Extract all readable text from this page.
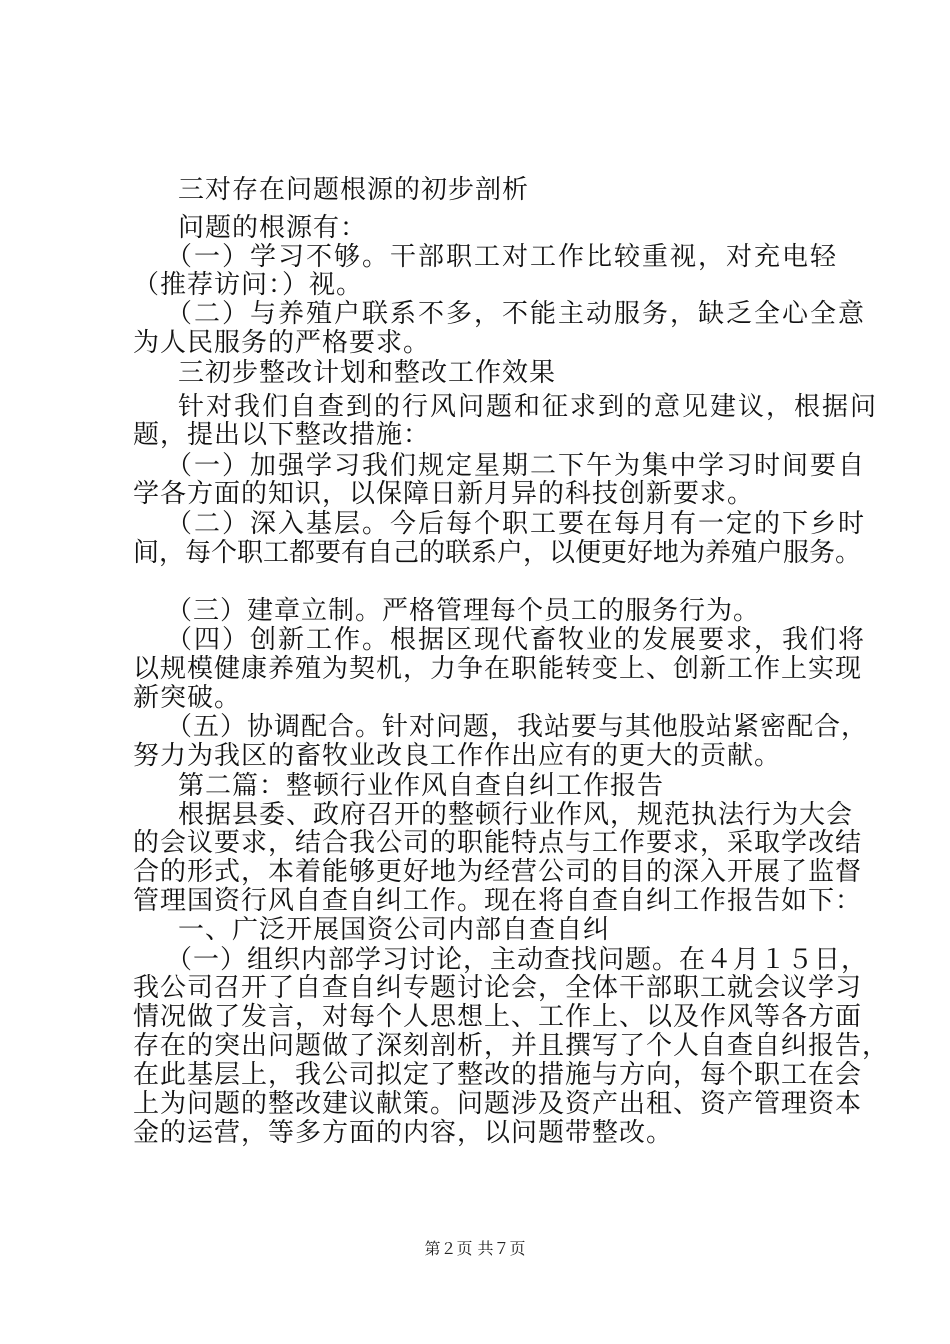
三对存在问题根源的初步剖析
问题的根源有：
（一）学习不够。干部职工对工作比较重视，对充电轻
（推荐访问：）视。
（二）与养殖户联系不多，不能主动服务，缺乏全心全意
为人民服务的严格要求。
三初步整改计划和整改工作效果
针对我们自查到的行风问题和征求到的意见建议，根据问
题，提出以下整改措施：
（一）加强学习我们规定星期二下午为集中学习时间要自
学各方面的知识，以保障日新月异的科技创新要求。
（二）深入基层。今后每个职工要在每月有一定的下乡时
间，每个职工都要有自己的联系户，以便更好地为养殖户服务。
（三）建章立制。严格管理每个员工的服务行为。
（四）创新工作。根据区现代畜牧业的发展要求，我们将
以规模健康养殖为契机，力争在职能转变上、创新工作上实现
新突破。
（五）协调配合。针对问题，我站要与其他股站紧密配合，
努力为我区的畜牧业改良工作作出应有的更大的贡献。
第二篇：整顿行业作风自查自纠工作报告
根据县委、政府召开的整顿行业作风，规范执法行为大会
的会议要求，结合我公司的职能特点与工作要求，采取学改结
合的形式，本着能够更好地为经营公司的目的深入开展了监督
管理国资行风自查自纠工作。现在将自查自纠工作报告如下：
一、广泛开展国资公司内部自查自纠
（一）组织内部学习讨论，主动查找问题。在４月１５日，
我公司召开了自查自纠专题讨论会，全体干部职工就会议学习
情况做了发言，对每个人思想上、工作上、以及作风等各方面
存在的突出问题做了深刻剖析，并且撰写了个人自查自纠报告，
在此基层上，我公司拟定了整改的措施与方向，每个职工在会
上为问题的整改建议献策。问题涉及资产出租、资产管理资本
金的运营，等多方面的内容，以问题带整改。
第２页 共７页
